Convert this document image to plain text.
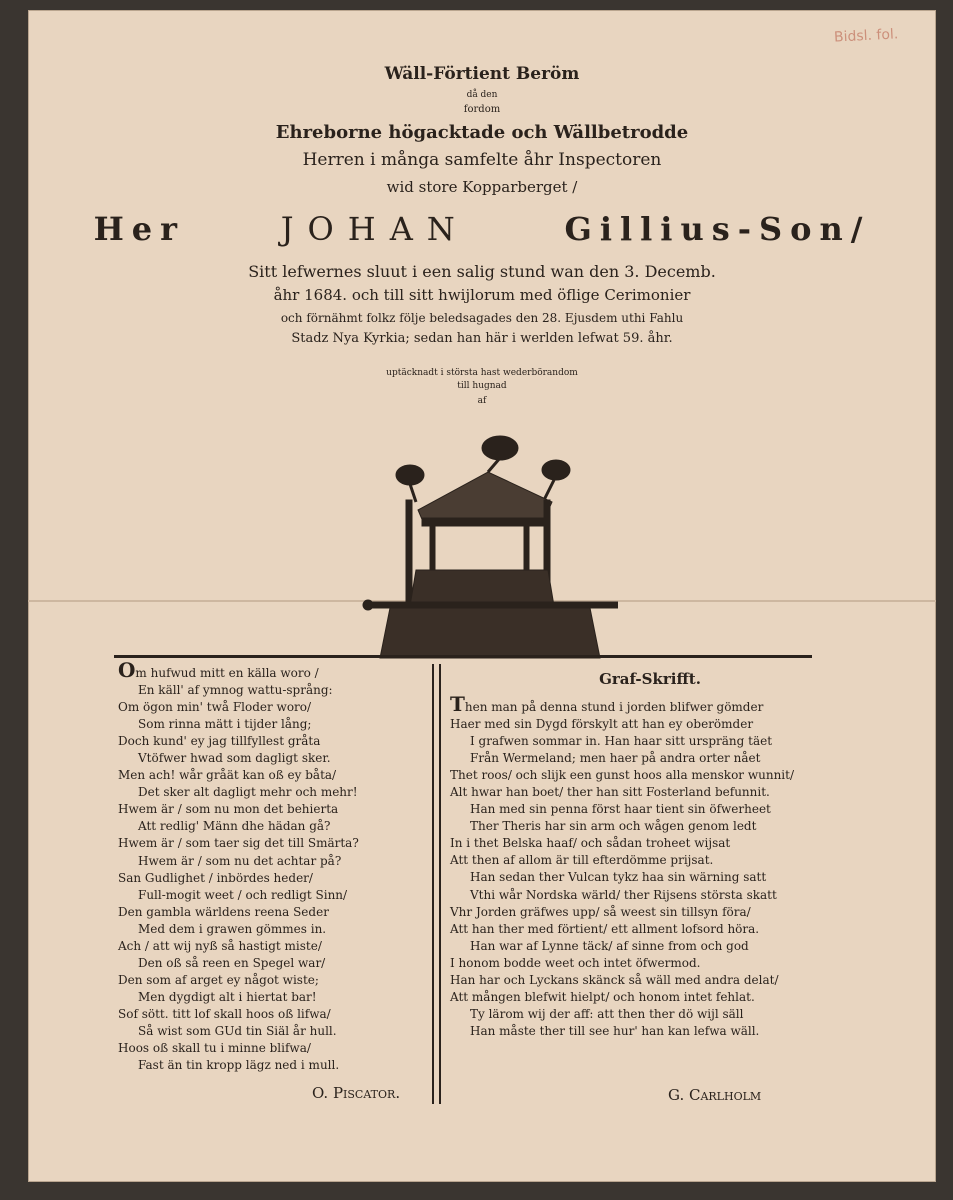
Bidsl. fol.
Wäll-Förtient Beröm
då den
fordom
Ehreborne högacktade och Wällbetrodde
Herren i många samfelte åhr Inspectoren
wid store Kopparberget /
Her	JOHAN	Gillius-Son/
Sitt lefwernes sluut i een salig stund wan den 3. Decemb.
åhr 1684. och till sitt hwijlorum med öflige Cerimonier
och förnähmt folkz följe beledsagades den 28. Ejusdem uthi Fahlu
Stadz Nya Kyrkia; sedan han här i werlden lefwat 59. åhr.
uptäcknadt i största hast wederbörandom
till hugnad
af
Om hufwud mitt en källa woro /
En käll' af ymnog wattu-språng:
Om ögon min' twå Floder woro/
Som rinna mätt i tijder lång;
Doch kund' ey jag tillfyllest gråta
Vtöfwer hwad som dagligt sker.
Men ach! wår gråät kan oß ey båta/
Det sker alt dagligt mehr och mehr!
Hwem är / som nu mon det behierta
Att redlig' Männ dhe hädan gå?
Hwem är / som taer sig det till Smärta?
Hwem är / som nu det achtar på?
San Gudlighet / inbördes heder/
Full-mogit weet / och redligt Sinn/
Den gambla wärldens reena Seder
Med dem i grawen gömmes in.
Ach / att wij nyß så hastigt miste/
Den oß så reen en Spegel war/
Den som af arget ey något wiste;
Men dygdigt alt i hiertat bar!
Sof sött. titt lof skall hoos oß lifwa/
Så wist som GUd tin Siäl år hull.
Hoos oß skall tu i minne blifwa/
Fast än tin kropp lägz ned i mull.
O. Piscator.
Graf-Skrifft.
Then man på denna stund i jorden blifwer gömder
Haer med sin Dygd förskylt att han ey oberömder
I grafwen sommar in. Han haar sitt urspräng täet
Från Wermeland; men haer på andra orter nået
Thet roos/ och slijk een gunst hoos alla menskor wunnit/
Alt hwar han boet/ ther han sitt Fosterland befunnit.
Han med sin penna först haar tient sin öfwerheet
Ther Theris har sin arm och wågen genom ledt
In i thet Belska haaf/ och sådan troheet wijsat
Att then af allom är till efterdömme prijsat.
Han sedan ther Vulcan tykz haa sin wärning satt
Vthi wår Nordska wärld/ ther Rijsens största skatt
Vhr Jorden gräfwes upp/ så weest sin tillsyn föra/
Att han ther med förtient/ ett allment lofsord höra.
Han war af Lynne täck/ af sinne from och god
I honom bodde weet och intet öfwermod.
Han har och Lyckans skänck så wäll med andra delat/
Att mången blefwit hielpt/ och honom intet fehlat.
Ty lärom wij der aff: att then ther dö wijl säll
Han måste ther till see hur' han kan lefwa wäll.
G. Carlholm
